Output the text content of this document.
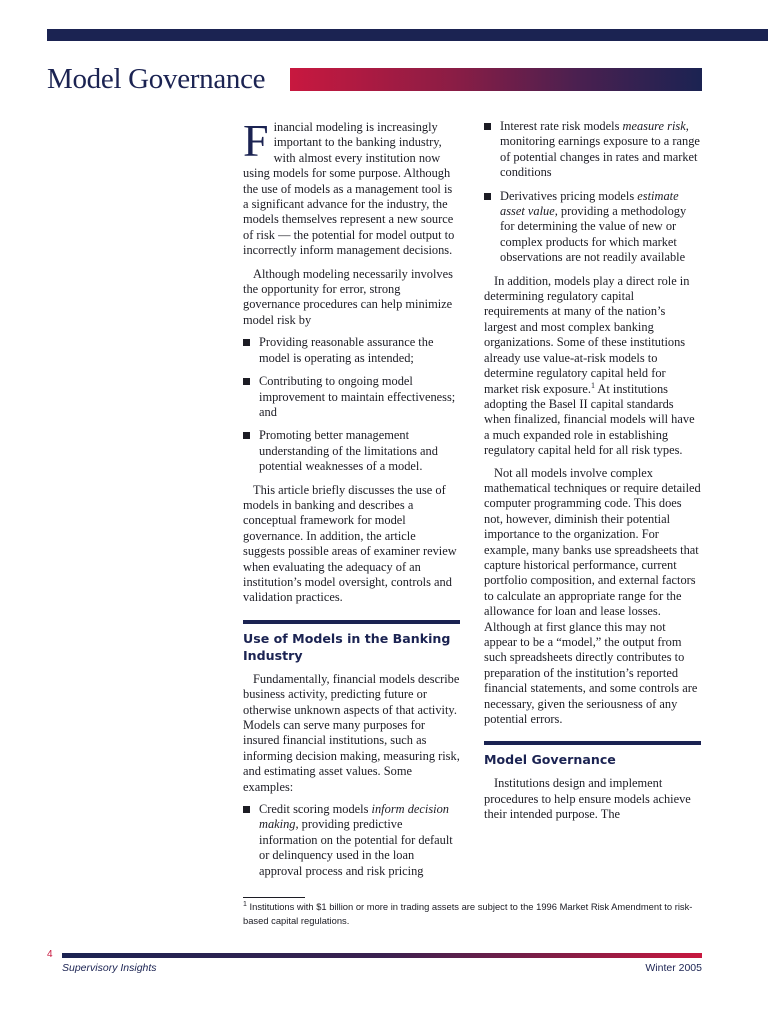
Model Governance

Financial modeling is increasingly important to the banking industry, with almost every institution now using models for some purpose. Although the use of models as a management tool is a significant advance for the industry, the models themselves represent a new source of risk — the potential for model output to incorrectly inform management decisions.

Although modeling necessarily involves the opportunity for error, strong governance procedures can help minimize model risk by

Providing reasonable assurance the model is operating as intended;
Contributing to ongoing model improvement to maintain effectiveness; and
Promoting better management understanding of the limitations and potential weaknesses of a model.

This article briefly discusses the use of models in banking and describes a conceptual framework for model governance. In addition, the article suggests possible areas of examiner review when evaluating the adequacy of an institution’s model oversight, controls and validation practices.

Use of Models in the Banking Industry

Fundamentally, financial models describe business activity, predicting future or otherwise unknown aspects of that activity. Models can serve many purposes for insured financial institutions, such as informing decision making, measuring risk, and estimating asset values. Some examples:

Credit scoring models inform decision making, providing predictive information on the potential for default or delinquency used in the loan approval process and risk pricing
Interest rate risk models measure risk, monitoring earnings exposure to a range of potential changes in rates and market conditions
Derivatives pricing models estimate asset value, providing a methodology for determining the value of new or complex products for which market observations are not readily available

In addition, models play a direct role in determining regulatory capital requirements at many of the nation’s largest and most complex banking organizations. Some of these institutions already use value-at-risk models to determine regulatory capital held for market risk exposure.$^1$ At institutions adopting the Basel II capital standards when finalized, financial models will have a much expanded role in establishing regulatory capital held for all risk types.

Not all models involve complex mathematical techniques or require detailed computer programming code. This does not, however, diminish their potential importance to the organization. For example, many banks use spreadsheets that capture historical performance, current portfolio composition, and external factors to calculate an appropriate range for the allowance for loan and lease losses. Although at first glance this may not appear to be a “model,” the output from such spreadsheets directly contributes to preparation of the institution’s reported financial statements, and some controls are necessary, given the seriousness of any potential errors.

Model Governance

Institutions design and implement procedures to help ensure models achieve their intended purpose. The

$^1$ Institutions with $1 billion or more in trading assets are subject to the 1996 Market Risk Amendment to risk-based capital regulations.

4
Supervisory Insights	Winter 2005
